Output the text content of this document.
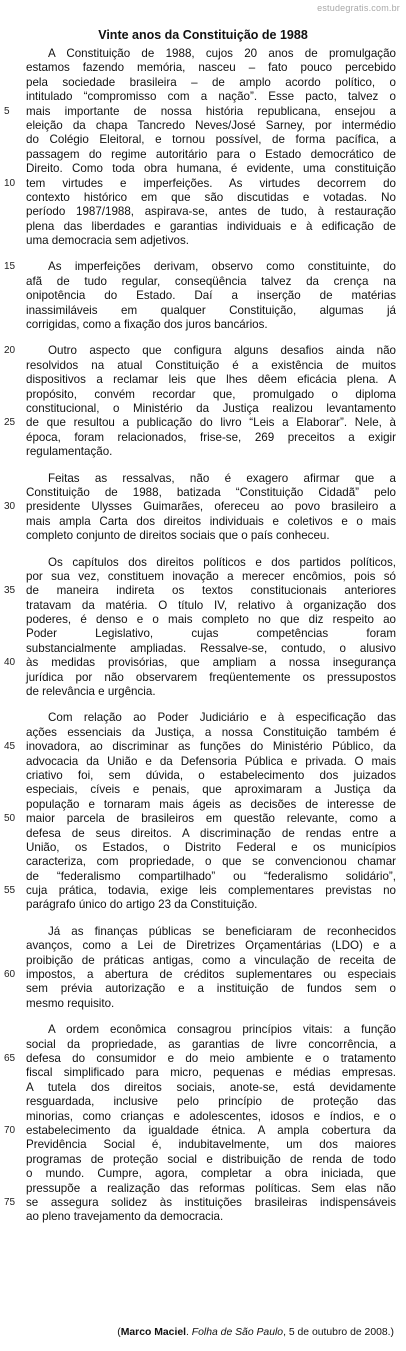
estudegratis.com.br
Vinte anos da Constituição de 1988
A Constituição de 1988, cujos 20 anos de promulgação
estamos fazendo memória, nasceu – fato pouco percebido
pela sociedade brasileira – de amplo acordo político, o
intitulado “compromisso com a nação”. Esse pacto, talvez o
5	mais importante de nossa história republicana, ensejou a
eleição da chapa Tancredo Neves/José Sarney, por intermédio
do Colégio Eleitoral, e tornou possível, de forma pacífica, a
passagem do regime autoritário para o Estado democrático de
Direito. Como toda obra humana, é evidente, uma constituição
10 tem virtudes e imperfeições. As virtudes decorrem do
contexto histórico em que são discutidas e votadas. No
período 1987/1988, aspirava-se, antes de tudo, à restauração
plena das liberdades e garantias individuais e à edificação de
uma democracia sem adjetivos.
15	As imperfeições derivam, observo como constituinte, do
afã de tudo regular, conseqüência talvez da crença na
onipotência do Estado. Daí a inserção de matérias
inassimiláveis em qualquer Constituição, algumas já
corrigidas, como a fixação dos juros bancários.
20	Outro aspecto que configura alguns desafios ainda não
resolvidos na atual Constituição é a existência de muitos
dispositivos a reclamar leis que lhes dêem eficácia plena. A
propósito, convém recordar que, promulgado o diploma
constitucional, o Ministério da Justiça realizou levantamento
25 de que resultou a publicação do livro “Leis a Elaborar”. Nele, à
época, foram relacionados, frise-se, 269 preceitos a exigir
regulamentação.
Feitas as ressalvas, não é exagero afirmar que a
Constituição de 1988, batizada “Constituição Cidadã” pelo
30 presidente Ulysses Guimarães, ofereceu ao povo brasileiro a
mais ampla Carta dos direitos individuais e coletivos e o mais
completo conjunto de direitos sociais que o país conheceu.
Os capítulos dos direitos políticos e dos partidos políticos,
por sua vez, constituem inovação a merecer encômios, pois só
35 de maneira indireta os textos constitucionais anteriores
tratavam da matéria. O título IV, relativo à organização dos
poderes, é denso e o mais completo no que diz respeito ao
Poder Legislativo, cujas competências foram
substancialmente ampliadas. Ressalve-se, contudo, o alusivo
40 às medidas provisórias, que ampliam a nossa insegurança
jurídica por não observarem freqüentemente os pressupostos
de relevância e urgência.
Com relação ao Poder Judiciário e à especificação das
ações essenciais da Justiça, a nossa Constituição também é
45 inovadora, ao discriminar as funções do Ministério Público, da
advocacia da União e da Defensoria Pública e privada. O mais
criativo foi, sem dúvida, o estabelecimento dos juizados
especiais, cíveis e penais, que aproximaram a Justiça da
população e tornaram mais ágeis as decisões de interesse de
50 maior parcela de brasileiros em questão relevante, como a
defesa de seus direitos. A discriminação de rendas entre a
União, os Estados, o Distrito Federal e os municípios
caracteriza, com propriedade, o que se convencionou chamar
de “federalismo compartilhado” ou “federalismo solidário”,
55 cuja prática, todavia, exige leis complementares previstas no
parágrafo único do artigo 23 da Constituição.
Já as finanças públicas se beneficiaram de reconhecidos
avanços, como a Lei de Diretrizes Orçamentárias (LDO) e a
proibição de práticas antigas, como a vinculação de receita de
60 impostos, a abertura de créditos suplementares ou especiais
sem prévia autorização e a instituição de fundos sem o
mesmo requisito.
A ordem econômica consagrou princípios vitais: a função
social da propriedade, as garantias de livre concorrência, a
65 defesa do consumidor e do meio ambiente e o tratamento
fiscal simplificado para micro, pequenas e médias empresas.
A tutela dos direitos sociais, anote-se, está devidamente
resguardada, inclusive pelo princípio de proteção das
minorias, como crianças e adolescentes, idosos e índios, e o
70 estabelecimento da igualdade étnica. A ampla cobertura da
Previdência Social é, indubitavelmente, um dos maiores
programas de proteção social e distribuição de renda de todo
o mundo. Cumpre, agora, completar a obra iniciada, que
pressupõe a realização das reformas políticas. Sem elas não
75 se assegura solidez às instituições brasileiras indispensáveis
ao pleno travejamento da democracia.
(Marco Maciel. Folha de São Paulo, 5 de outubro de 2008.)
